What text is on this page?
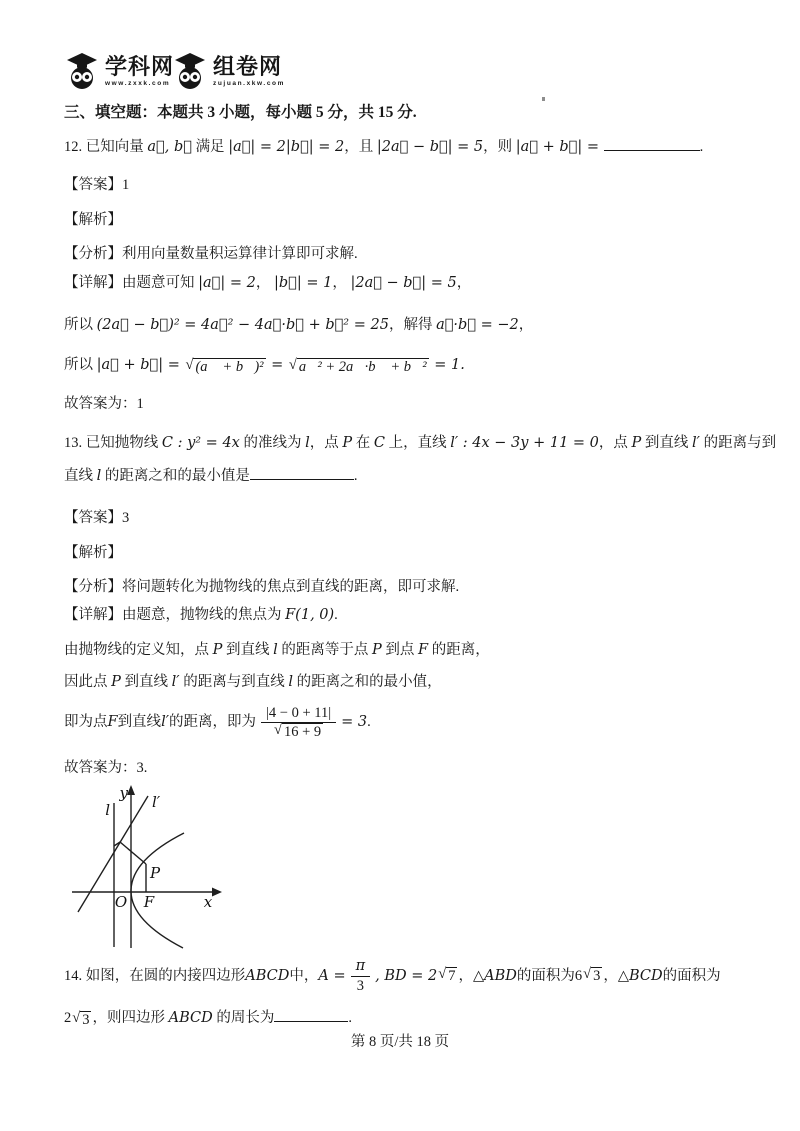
学科网
www.zxxk.com
组卷网
zujuan.xkw.com
三、填空题：本题共 3 小题，每小题 5 分，共 15 分.
12. 已知向量 a⃗, b⃗ 满足 |a⃗| = 2|b⃗| = 2，且 |2a⃗ − b⃗| = 5，则 |a⃗ + b⃗| =	.
【答案】1
【解析】
【分析】利用向量数量积运算律计算即可求解.
【详解】由题意可知 |a⃗| = 2， |b⃗| = 1， |2a⃗ − b⃗| = 5，
所以 (2a⃗ − b⃗)² = 4a⃗² − 4a⃗·b⃗ + b⃗² = 25，解得 a⃗·b⃗ = −2，
所以 |a⃗ + b⃗| = √ (a⃗ + b⃗)² = √ a⃗² + 2a⃗·b⃗ + b⃗² = 1.
故答案为：1
13. 已知抛物线 C : y² = 4x 的准线为 l，点 P 在 C 上，直线 l′ : 4x − 3y + 11 = 0，点 P 到直线 l′ 的距离与到
直线 l 的距离之和的最小值是	.
【答案】3
【解析】
【分析】将问题转化为抛物线的焦点到直线的距离，即可求解.
【详解】由题意，抛物线的焦点为 F(1, 0).
由抛物线的定义知，点 P 到直线 l 的距离等于点 P 到点 F 的距离，
因此点 P 到直线 l′ 的距离与到直线 l 的距离之和的最小值，
即为点 F 到直线 l′ 的距离，即为 $\frac{|4 - 0 + 11|}{√ 16 + 9} = 3$ .
故答案为：3.
y
l	l′
P
O F	x
14. 如图，在圆的内接四边形 ABCD 中， $A = \frac{\pi}{3}$ , BD = 2 √ 7 ， △ABD 的面积为 6 √ 3 ， △BCD 的面积为
2 √ 3 ，则四边形 ABCD 的周长为	.
第 8 页/共 18 页
